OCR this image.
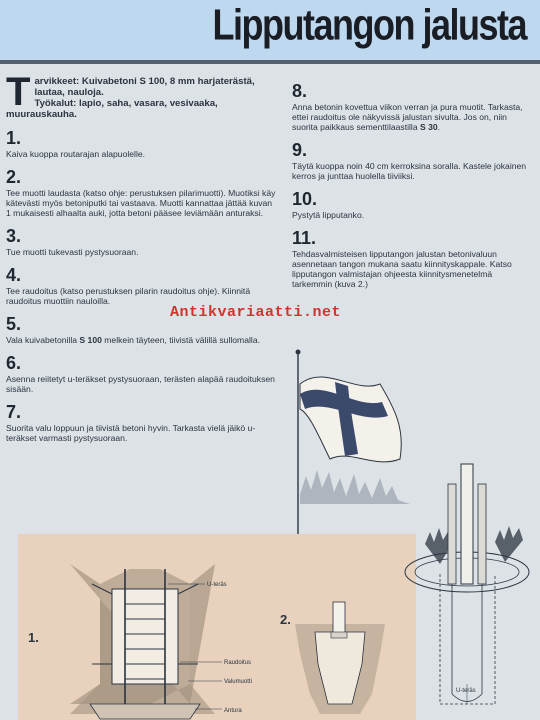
Lipputangon jalusta
1.
2.
U-teräs
Raudoitus
Valumuotti
Antura
U-teräs
T arvikkeet: Kuivabetoni S 100, 8 mm harjaterästä, lautaa, nauloja.

Työkalut: lapio, saha, vasara, vesivaaka, muurauskauha.

1.
Kaiva kuoppa routarajan alapuolelle.
2.
Tee muotti laudasta (katso ohje: perustuksen pilarimuotti). Muotiksi käy kätevästi myös betoniputki tai vastaava. Muotti kannattaa jättää kuvan 1 mukaisesti alhaalta auki, jotta betoni pääsee leviämään anturaksi.
3.
Tue muotti tukevasti pystysuoraan.
4.
Tee raudoitus (katso perustuksen pilarin raudoitus ohje). Kiinnitä raudoitus muottiin nauloilla.
5.
Vala kuivabetonilla S 100 melkein täyteen, tiivistä välillä sullomalla.
6.
Asenna reiitetyt u-teräkset pystysuoraan, terästen alapää raudoituksen sisään.
7.
Suorita valu loppuun ja tiivistä betoni hyvin. Tarkasta vielä jäikö u-teräkset varmasti pystysuoraan.
8.
Anna betonin kovettua viikon verran ja pura muotit. Tarkasta, ettei raudoitus ole näkyvissä jalustan sivulta. Jos on, niin suorita paikkaus sementtilaastilla S 30.
9.
Täytä kuoppa noin 40 cm kerroksina soralla. Kastele jokainen kerros ja junttaa huolella tiiviiksi.
10.
Pystytä lipputanko.
11.
Tehdasvalmisteisen lipputangon jalustan betonivaluun asennetaan tangon mukana saatu kiinnityskappale. Katso lipputangon valmistajan ohjeesta kiinnitysmenetelmä tarkemmin (kuva 2.)
Antikvariaatti.net
